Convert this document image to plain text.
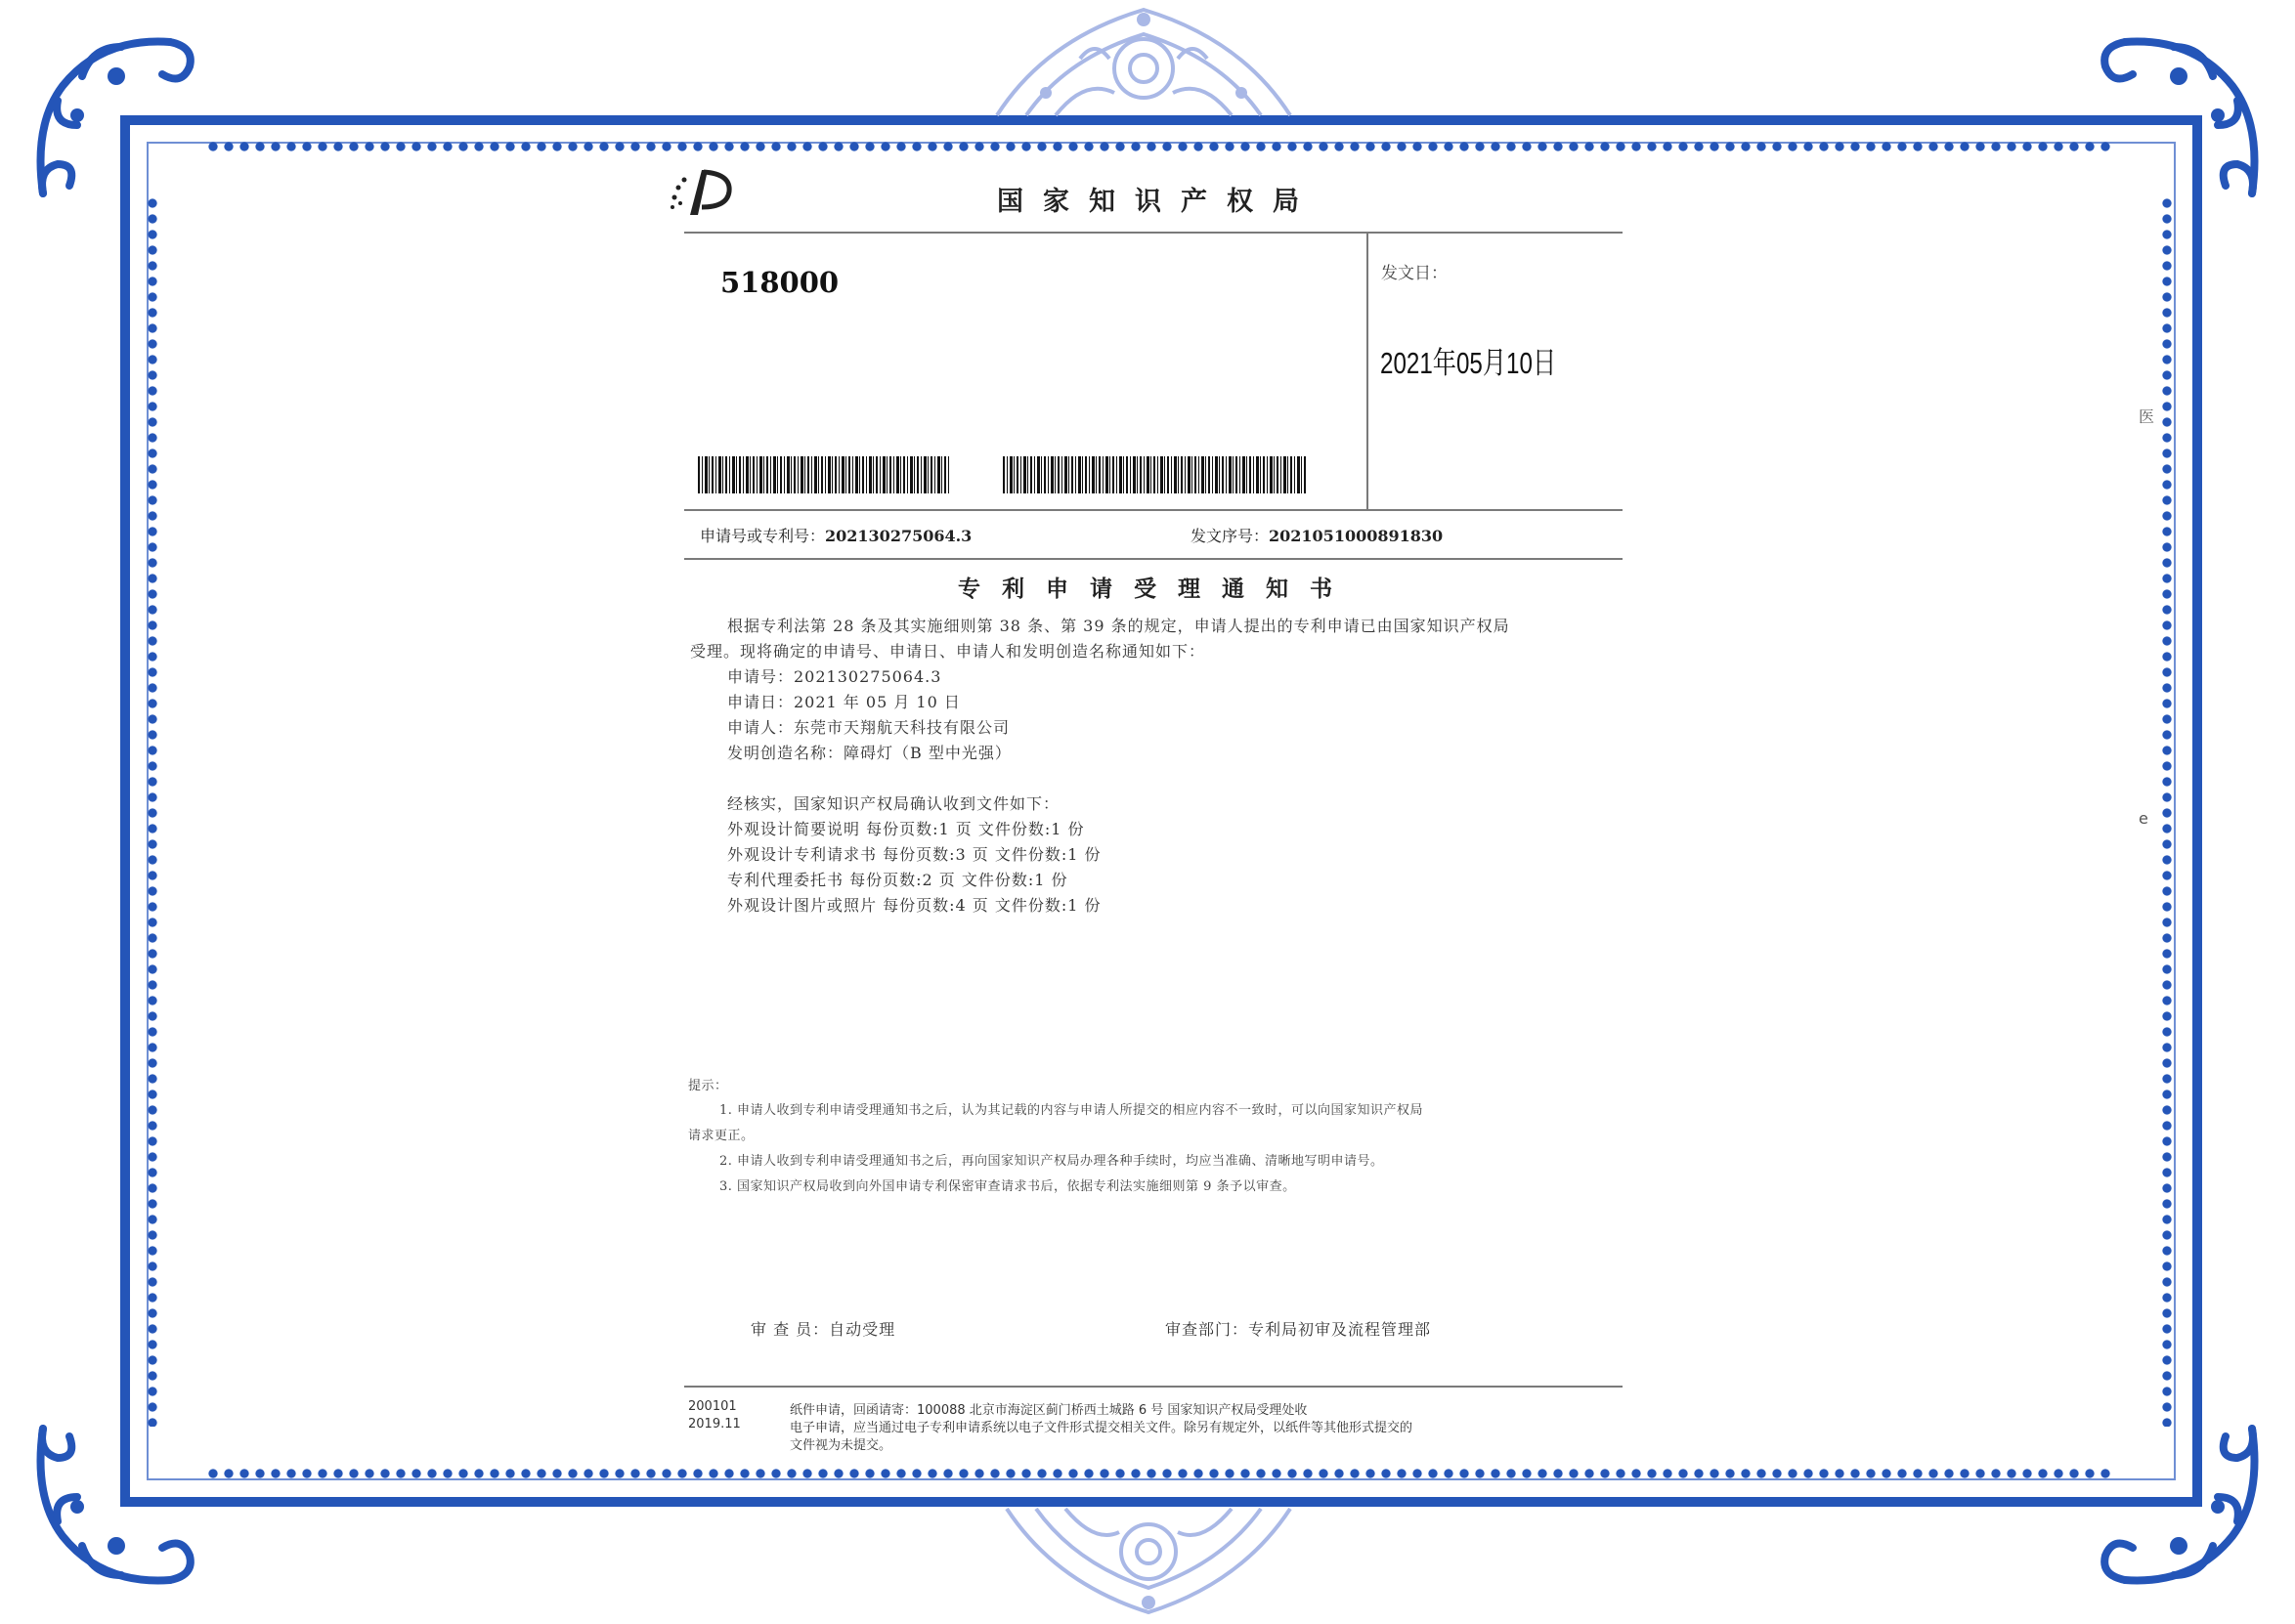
医
e
国家知识产权局
518000	发文日：
2021年05月10日
申请号或专利号：202130275064.3	发文序号：2021051000891830
专利申请受理通知书
根据专利法第 28 条及其实施细则第 38 条、第 39 条的规定，申请人提出的专利申请已由国家知识产权局
受理。现将确定的申请号、申请日、申请人和发明创造名称通知如下：
申请号：202130275064.3
申请日：2021 年 05 月 10 日
申请人：东莞市天翔航天科技有限公司
发明创造名称：障碍灯（B 型中光强）
经核实，国家知识产权局确认收到文件如下：
外观设计简要说明 每份页数:1 页 文件份数:1 份
外观设计专利请求书 每份页数:3 页 文件份数:1 份
专利代理委托书 每份页数:2 页 文件份数:1 份
外观设计图片或照片 每份页数:4 页 文件份数:1 份
提示：
1. 申请人收到专利申请受理通知书之后，认为其记载的内容与申请人所提交的相应内容不一致时，可以向国家知识产权局
请求更正。
2. 申请人收到专利申请受理通知书之后，再向国家知识产权局办理各种手续时，均应当准确、清晰地写明申请号。
3. 国家知识产权局收到向外国申请专利保密审查请求书后，依据专利法实施细则第 9 条予以审查。
审 查 员：自动受理	审查部门：专利局初审及流程管理部
200101
2019.11
纸件申请，回函请寄：100088 北京市海淀区蓟门桥西土城路 6 号 国家知识产权局受理处收
电子申请，应当通过电子专利申请系统以电子文件形式提交相关文件。除另有规定外，以纸件等其他形式提交的
文件视为未提交。
